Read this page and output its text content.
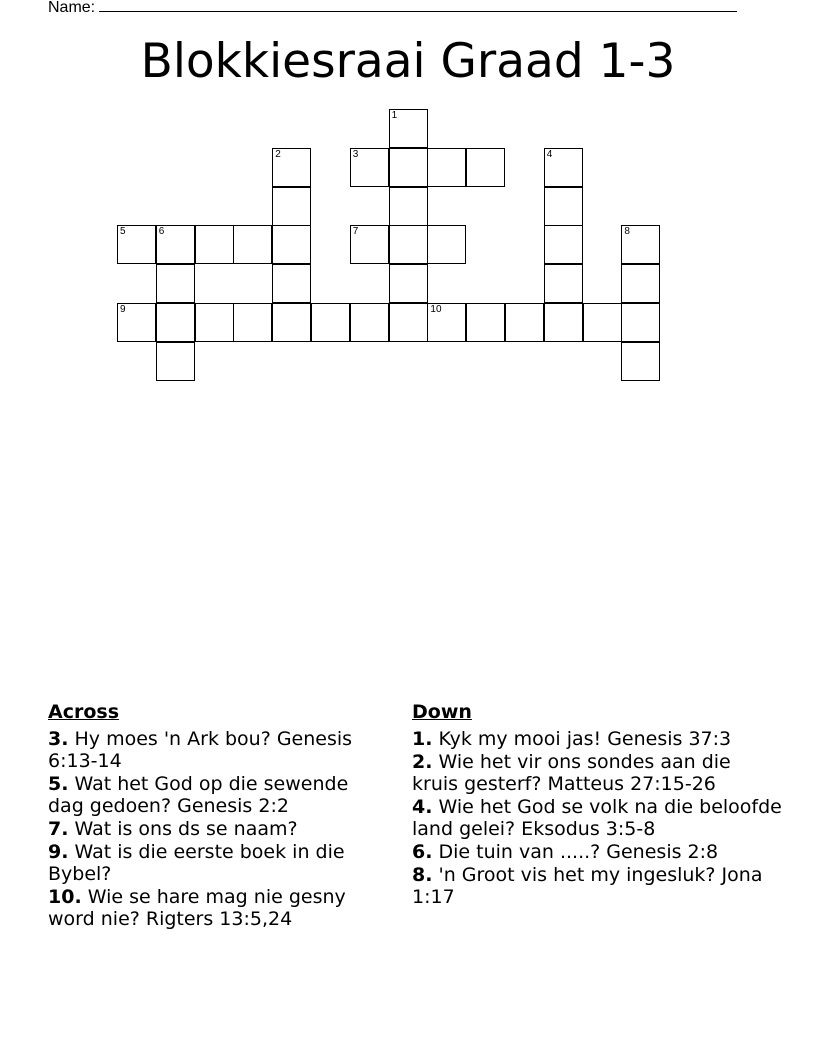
Name:
Blokkiesraai Graad 1-3
1
2	3	4
5	6	7	8
9	10
Across
3. Hy moes 'n Ark bou? Genesis 6:13-14
5. Wat het God op die sewende dag gedoen? Genesis 2:2
7. Wat is ons ds se naam?
9. Wat is die eerste boek in die Bybel?
10. Wie se hare mag nie gesny word nie? Rigters 13:5,24
Down
1. Kyk my mooi jas! Genesis 37:3
2. Wie het vir ons sondes aan die kruis gesterf? Matteus 27:15-26
4. Wie het God se volk na die beloofde land gelei? Eksodus 3:5-8
6. Die tuin van .....? Genesis 2:8
8. 'n Groot vis het my ingesluk? Jona 1:17
